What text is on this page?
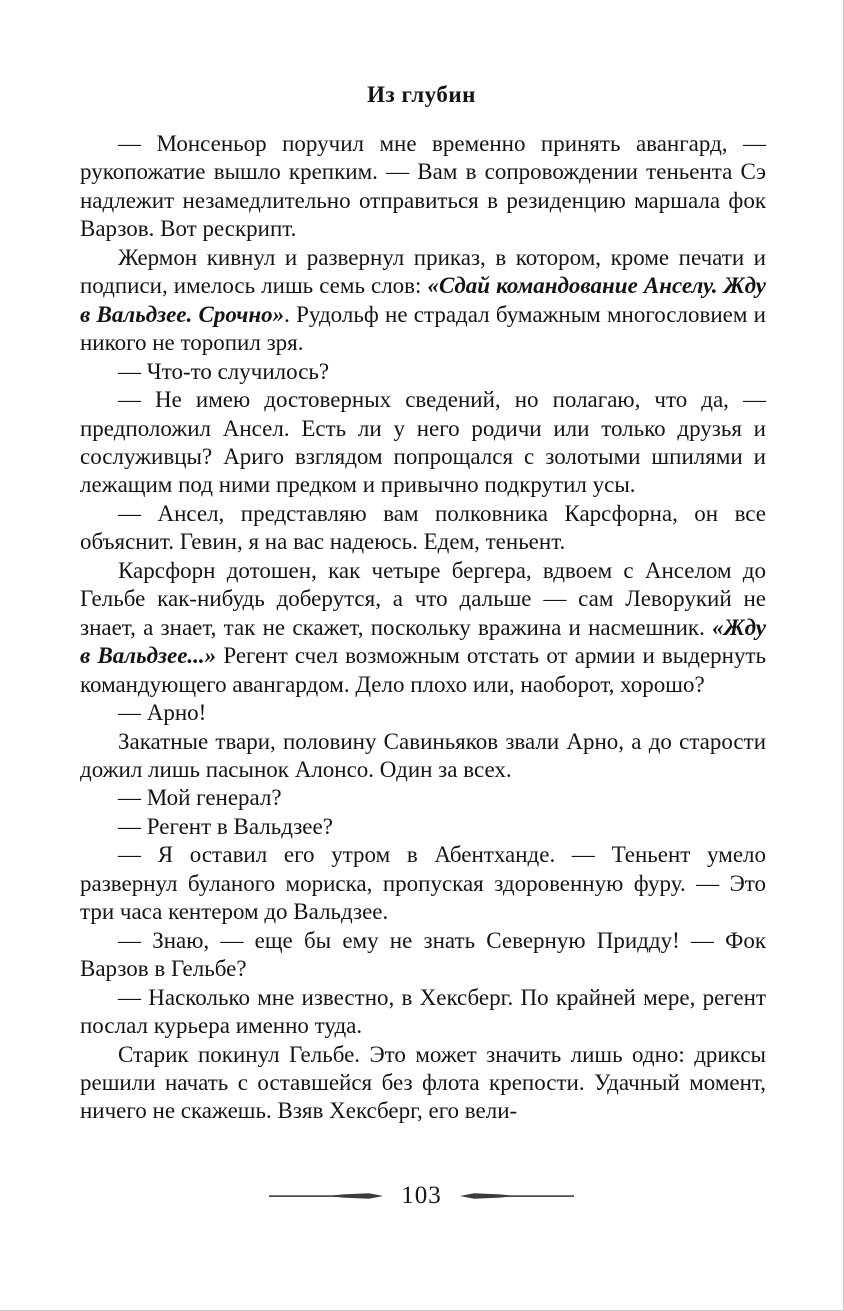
Из глубин

— Монсеньор поручил мне временно принять авангард, — рукопожатие вышло крепким. — Вам в сопровождении теньента Сэ надлежит незамедлительно отправиться в резиденцию маршала фок Варзов. Вот рескрипт.

Жермон кивнул и развернул приказ, в котором, кроме печати и подписи, имелось лишь семь слов: «Сдай командование Анселу. Жду в Вальдзее. Срочно». Рудольф не страдал бумажным многословием и никого не торопил зря.

— Что-то случилось?

— Не имею достоверных сведений, но полагаю, что да, — предположил Ансел. Есть ли у него родичи или только друзья и сослуживцы? Ариго взглядом попрощался с золотыми шпилями и лежащим под ними предком и привычно подкрутил усы.

— Ансел, представляю вам полковника Карсфорна, он все объяснит. Гевин, я на вас надеюсь. Едем, теньент.

Карсфорн дотошен, как четыре бергера, вдвоем с Анселом до Гельбе как-нибудь доберутся, а что дальше — сам Леворукий не знает, а знает, так не скажет, поскольку вражина и насмешник. «Жду в Вальдзее...» Регент счел возможным отстать от армии и выдернуть командующего авангардом. Дело плохо или, наоборот, хорошо?

— Арно!

Закатные твари, половину Савиньяков звали Арно, а до старости дожил лишь пасынок Алонсо. Один за всех.

— Мой генерал?

— Регент в Вальдзее?

— Я оставил его утром в Абентханде. — Теньент умело развернул буланого мориска, пропуская здоровенную фуру. — Это три часа кентером до Вальдзее.

— Знаю, — еще бы ему не знать Северную Придду! — Фок Варзов в Гельбе?

— Насколько мне известно, в Хексберг. По крайней мере, регент послал курьера именно туда.

Старик покинул Гельбе. Это может значить лишь одно: дриксы решили начать с оставшейся без флота крепости. Удачный момент, ничего не скажешь. Взяв Хексберг, его вели-

103
